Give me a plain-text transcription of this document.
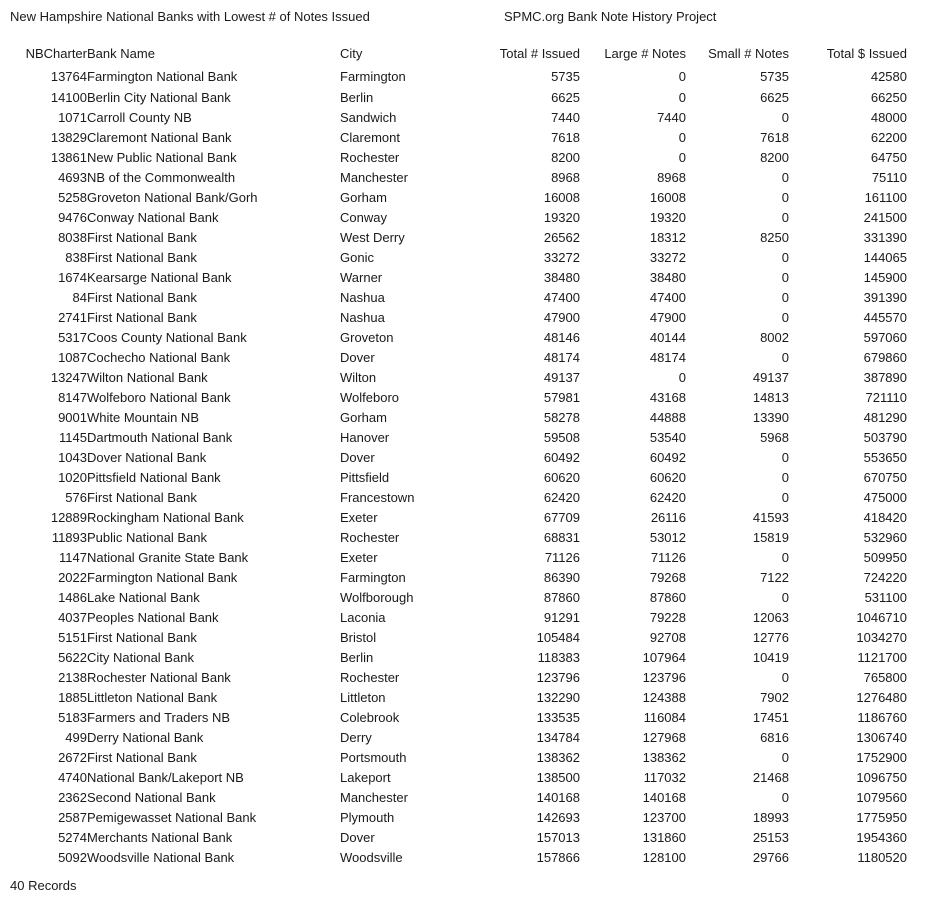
New Hampshire National Banks with Lowest # of Notes Issued	SPMC.org Bank Note History Project
NBCharter	Bank Name	City	Total # Issued	Large # Notes	Small # Notes	Total $ Issued	
13764	Farmington National Bank	Farmington	5735	0	5735	42580	
14100	Berlin City National Bank	Berlin	6625	0	6625	66250	
1071	Carroll County NB	Sandwich	7440	7440	0	48000	
13829	Claremont National Bank	Claremont	7618	0	7618	62200	
13861	New Public National Bank	Rochester	8200	0	8200	64750	
4693	NB of the Commonwealth	Manchester	8968	8968	0	75110	
5258	Groveton National Bank/Gorh	Gorham	16008	16008	0	161100	
9476	Conway National Bank	Conway	19320	19320	0	241500	
8038	First National Bank	West Derry	26562	18312	8250	331390	
838	First National Bank	Gonic	33272	33272	0	144065	
1674	Kearsarge National Bank	Warner	38480	38480	0	145900	
84	First National Bank	Nashua	47400	47400	0	391390	
2741	First National Bank	Nashua	47900	47900	0	445570	
5317	Coos County National Bank	Groveton	48146	40144	8002	597060	
1087	Cochecho National Bank	Dover	48174	48174	0	679860	
13247	Wilton National Bank	Wilton	49137	0	49137	387890	
8147	Wolfeboro National Bank	Wolfeboro	57981	43168	14813	721110	
9001	White Mountain NB	Gorham	58278	44888	13390	481290	
1145	Dartmouth National Bank	Hanover	59508	53540	5968	503790	
1043	Dover National Bank	Dover	60492	60492	0	553650	
1020	Pittsfield National Bank	Pittsfield	60620	60620	0	670750	
576	First National Bank	Francestown	62420	62420	0	475000	
12889	Rockingham National Bank	Exeter	67709	26116	41593	418420	
11893	Public National Bank	Rochester	68831	53012	15819	532960	
1147	National Granite State Bank	Exeter	71126	71126	0	509950	
2022	Farmington National Bank	Farmington	86390	79268	7122	724220	
1486	Lake National Bank	Wolfborough	87860	87860	0	531100	
4037	Peoples National Bank	Laconia	91291	79228	12063	1046710	
5151	First National Bank	Bristol	105484	92708	12776	1034270	
5622	City National Bank	Berlin	118383	107964	10419	1121700	
2138	Rochester National Bank	Rochester	123796	123796	0	765800	
1885	Littleton National Bank	Littleton	132290	124388	7902	1276480	
5183	Farmers and Traders NB	Colebrook	133535	116084	17451	1186760	
499	Derry National Bank	Derry	134784	127968	6816	1306740	
2672	First National Bank	Portsmouth	138362	138362	0	1752900	
4740	National Bank/Lakeport NB	Lakeport	138500	117032	21468	1096750	
2362	Second National Bank	Manchester	140168	140168	0	1079560	
2587	Pemigewasset National Bank	Plymouth	142693	123700	18993	1775950	
5274	Merchants National Bank	Dover	157013	131860	25153	1954360	
5092	Woodsville National Bank	Woodsville	157866	128100	29766	1180520	
40 Records
